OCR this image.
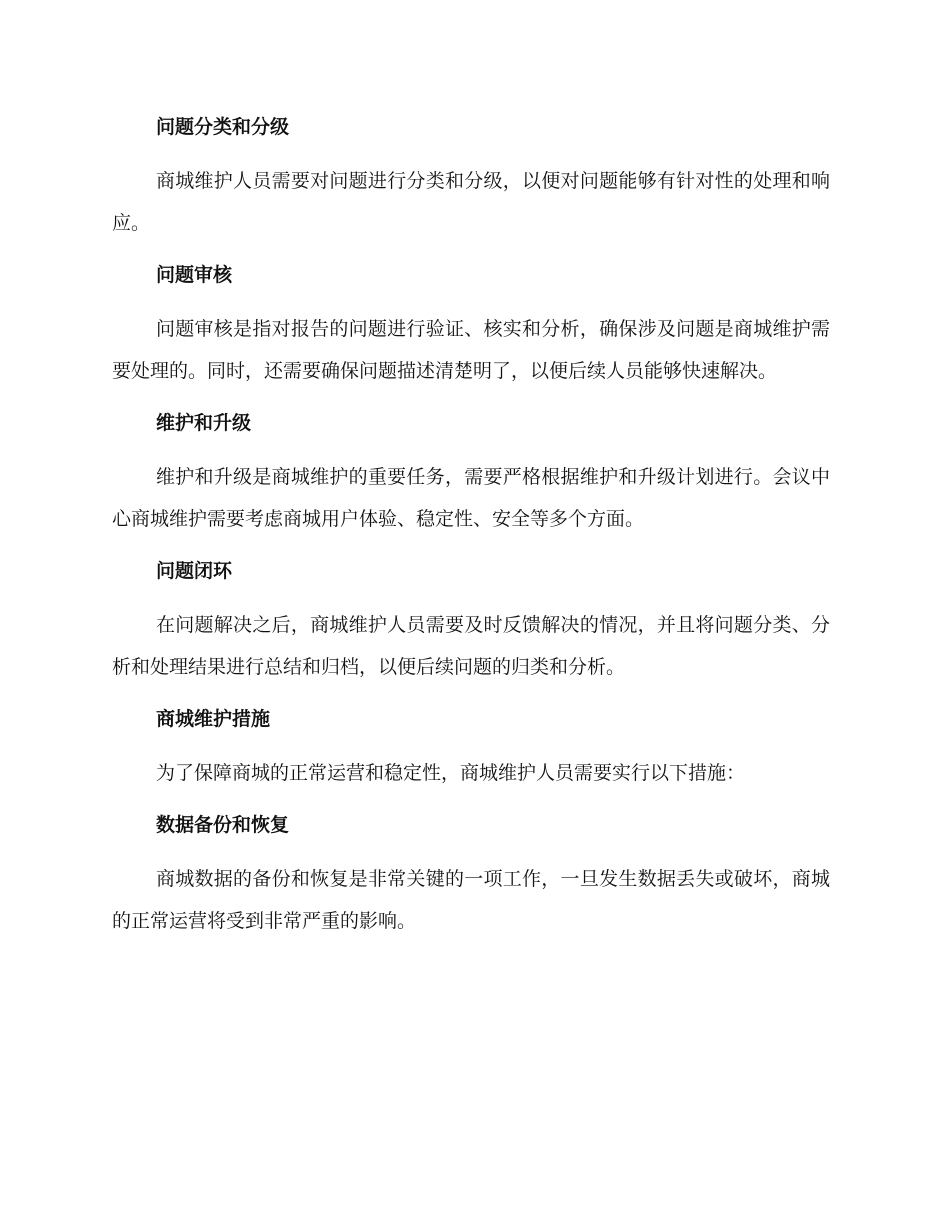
问题分类和分级

商城维护人员需要对问题进行分类和分级，以便对问题能够有针对性的处理和响应。

问题审核

问题审核是指对报告的问题进行验证、核实和分析，确保涉及问题是商城维护需要处理的。同时，还需要确保问题描述清楚明了，以便后续人员能够快速解决。

维护和升级

维护和升级是商城维护的重要任务，需要严格根据维护和升级计划进行。会议中心商城维护需要考虑商城用户体验、稳定性、安全等多个方面。

问题闭环

在问题解决之后，商城维护人员需要及时反馈解决的情况，并且将问题分类、分析和处理结果进行总结和归档，以便后续问题的归类和分析。

商城维护措施

为了保障商城的正常运营和稳定性，商城维护人员需要实行以下措施：

数据备份和恢复

商城数据的备份和恢复是非常关键的一项工作，一旦发生数据丢失或破坏，商城的正常运营将受到非常严重的影响。
